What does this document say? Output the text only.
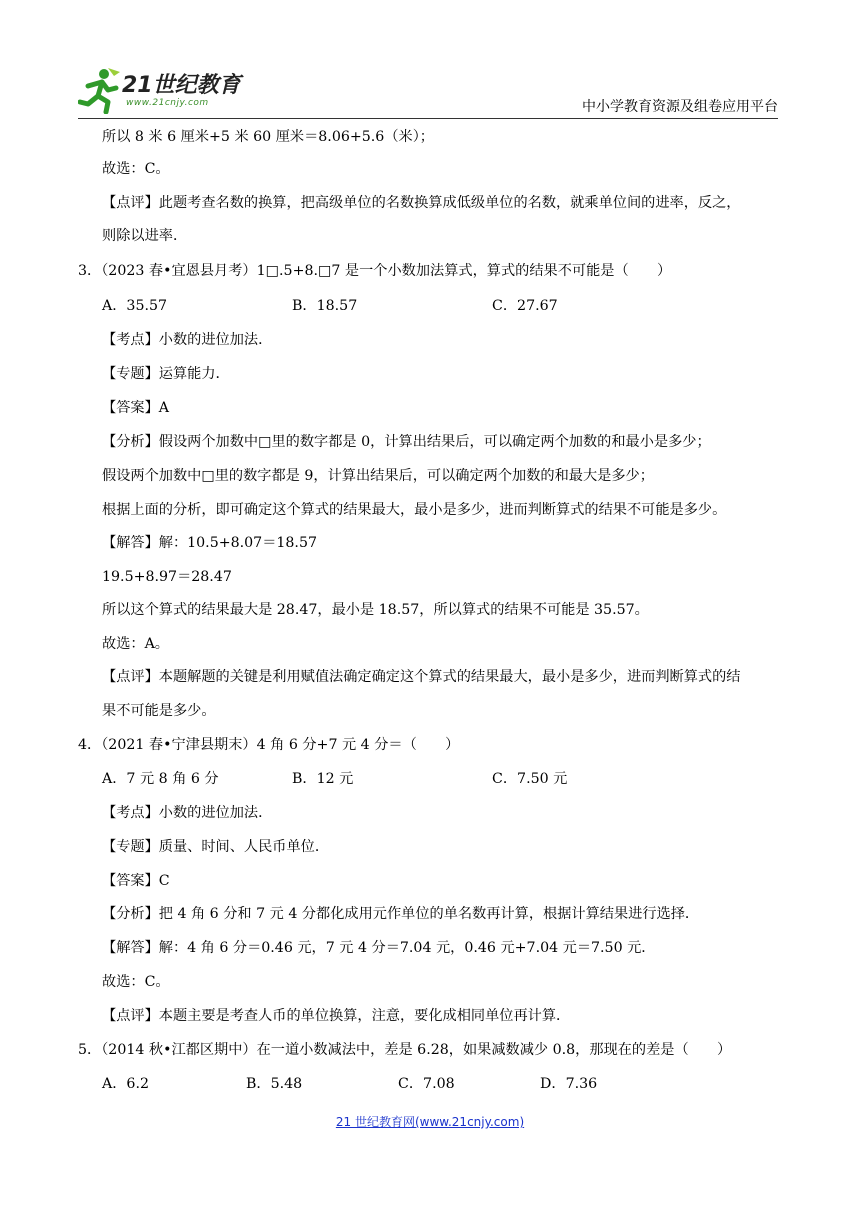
21世纪教育
www.21cnjy.com	中小学教育资源及组卷应用平台
所以 8 米 6 厘米+5 米 60 厘米＝8.06+5.6（米）；
故选：C。
【点评】此题考查名数的换算，把高级单位的名数换算成低级单位的名数，就乘单位间的进率，反之，
则除以进率．
3．（2023 春•宜恩县月考）1□.5+8.□7 是一个小数加法算式，算式的结果不可能是（　　）
A．35.57	B．18.57	C．27.67
【考点】小数的进位加法．
【专题】运算能力．
【答案】A
【分析】假设两个加数中□里的数字都是 0，计算出结果后，可以确定两个加数的和最小是多少；
假设两个加数中□里的数字都是 9，计算出结果后，可以确定两个加数的和最大是多少；
根据上面的分析，即可确定这个算式的结果最大，最小是多少，进而判断算式的结果不可能是多少。
【解答】解：10.5+8.07＝18.57
19.5+8.97＝28.47
所以这个算式的结果最大是 28.47，最小是 18.57，所以算式的结果不可能是 35.57。
故选：A。
【点评】本题解题的关键是利用赋值法确定确定这个算式的结果最大，最小是多少，进而判断算式的结
果不可能是多少。
4．（2021 春•宁津县期末）4 角 6 分+7 元 4 分＝（　　）
A．7 元 8 角 6 分	B．12 元	C．7.50 元
【考点】小数的进位加法．
【专题】质量、时间、人民币单位．
【答案】C
【分析】把 4 角 6 分和 7 元 4 分都化成用元作单位的单名数再计算，根据计算结果进行选择．
【解答】解：4 角 6 分＝0.46 元，7 元 4 分＝7.04 元，0.46 元+7.04 元＝7.50 元．
故选：C。
【点评】本题主要是考查人币的单位换算，注意，要化成相同单位再计算．
5．（2014 秋•江都区期中）在一道小数减法中，差是 6.28，如果减数减少 0.8，那现在的差是（　　）
A．6.2	B．5.48	C．7.08	D．7.36
21 世纪教育网(www.21cnjy.com)
